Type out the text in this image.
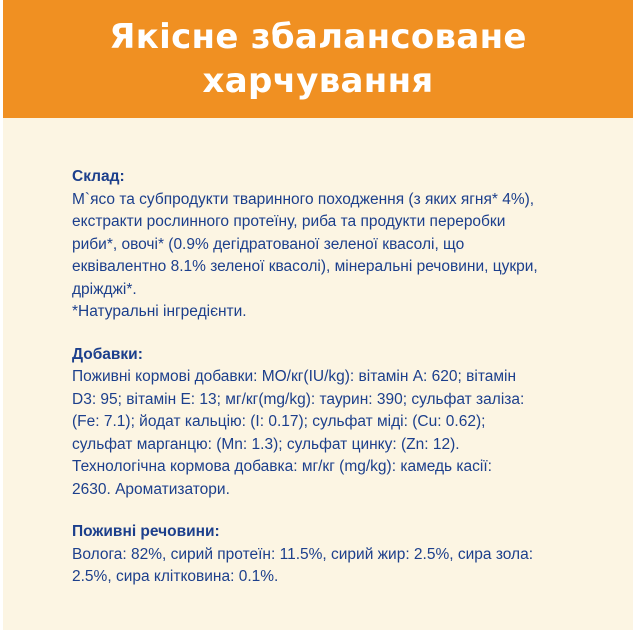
Якісне збалансоване
харчування
Склад:
М`ясо та субпродукти тваринного походження (з яких ягня* 4%),
екстракти рослинного протеїну, риба та продукти переробки
риби*, овочі* (0.9% дегідратованої зеленої квасолі, що
еквівалентно 8.1% зеленої квасолі), мінеральні речовини, цукри,
дріжджі*.
*Натуральні інгредієнти.
Добавки:
Поживні кормові добавки: МО/кг(IU/kg): вітамін А: 620; вітамін
D3: 95; вітамін Е: 13; мг/кг(mg/kg): таурин: 390; сульфат заліза:
(Fe: 7.1); йодат кальцію: (I: 0.17); сульфат міді: (Cu: 0.62);
сульфат марганцю: (Mn: 1.3); сульфат цинку: (Zn: 12).
Технологічна кормова добавка: мг/кг (mg/kg): камедь касії:
2630. Ароматизатори.
Поживні речовини:
Волога: 82%, сирий протеїн: 11.5%, сирий жир: 2.5%, сира зола:
2.5%, сира клітковина: 0.1%.
